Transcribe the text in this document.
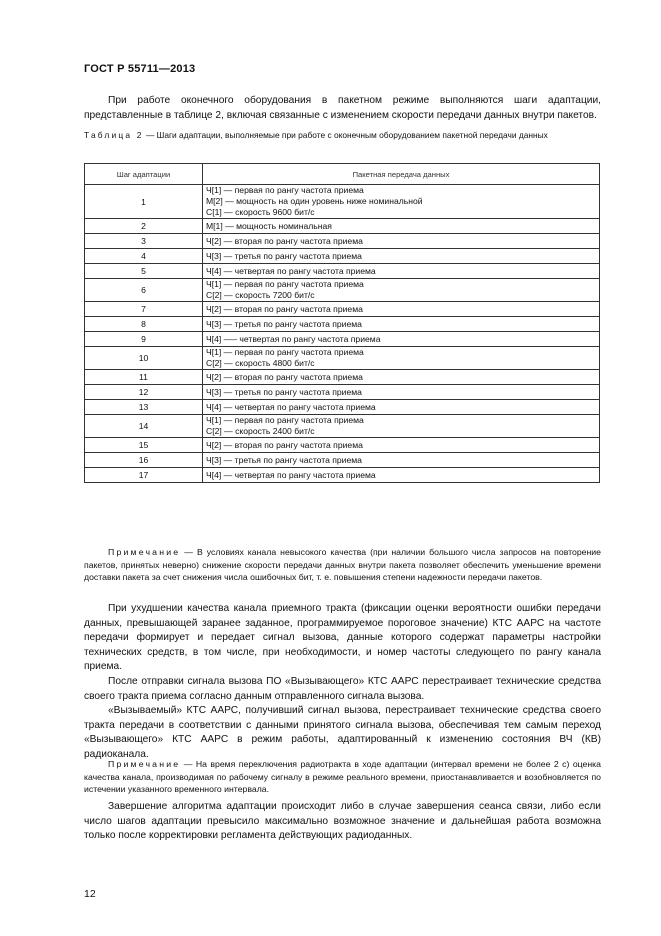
ГОСТ Р 55711—2013

При работе оконечного оборудования в пакетном режиме выполняются шаги адаптации, представленные в таблице 2, включая связанные с изменением скорости передачи данных внутри пакетов.

Таблица 2 — Шаги адаптации, выполняемые при работе с оконечным оборудованием пакетной передачи данных

Шаг адаптации	Пакетная передача данных
1	Ч[1] — первая по рангу частота приема
М[2] — мощность на один уровень ниже номинальной
С[1] — скорость 9600 бит/с

2	М[1] — мощность номинальная

3	Ч[2] — вторая по рангу частота приема

4	Ч[3] — третья по рангу частота приема

5	Ч[4] — четвертая по рангу частота приема

6	Ч[1] — первая по рангу частота приема
С[2] — скорость 7200 бит/с

7	Ч[2] — вторая по рангу частота приема

8	Ч[3] — третья по рангу частота приема

9	Ч[4] —– четвертая по рангу частота приема

10	Ч[1] — первая по рангу частота приема
С[2] — скорость 4800 бит/с

11	Ч[2] — вторая по рангу частота приема

12	Ч[3] — третья по рангу частота приема

13	Ч[4] — четвертая по рангу частота приема

14	Ч[1] — первая по рангу частота приема
С[2] — скорость 2400 бит/с

15	Ч[2] — вторая по рангу частота приема

16	Ч[3] — третья по рангу частота приема

17	Ч[4] — четвертая по рангу частота приема

Примечание — В условиях канала невысокого качества (при наличии большого числа запросов на повторение пакетов, принятых неверно) снижение скорости передачи данных внутри пакета позволяет обеспечить уменьшение времени доставки пакета за счет снижения числа ошибочных бит, т. е. повышения степени надежности передачи пакетов.

При ухудшении качества канала приемного тракта (фиксации оценки вероятности ошибки передачи данных, превышающей заранее заданное, программируемое пороговое значение) КТС ААРС на частоте передачи формирует и передает сигнал вызова, данные которого содержат параметры настройки технических средств, в том числе, при необходимости, и номер частоты следующего по рангу канала приема.

После отправки сигнала вызова ПО «Вызывающего» КТС ААРС перестраивает технические средства своего тракта приема согласно данным отправленного сигнала вызова.

«Вызываемый» КТС ААРС, получивший сигнал вызова, перестраивает технические средства своего тракта передачи в соответствии с данными принятого сигнала вызова, обеспечивая тем самым переход «Вызывающего» КТС ААРС в режим работы, адаптированный к изменению состояния ВЧ (КВ) радиоканала.

Примечание — На время переключения радиотракта в ходе адаптации (интервал времени не более 2 с) оценка качества канала, производимая по рабочему сигналу в режиме реального времени, приостанавливается и возобновляется по истечении указанного временного интервала.

Завершение алгоритма адаптации происходит либо в случае завершения сеанса связи, либо если число шагов адаптации превысило максимально возможное значение и дальнейшая работа возможна только после корректировки регламента действующих радиоданных.

12
